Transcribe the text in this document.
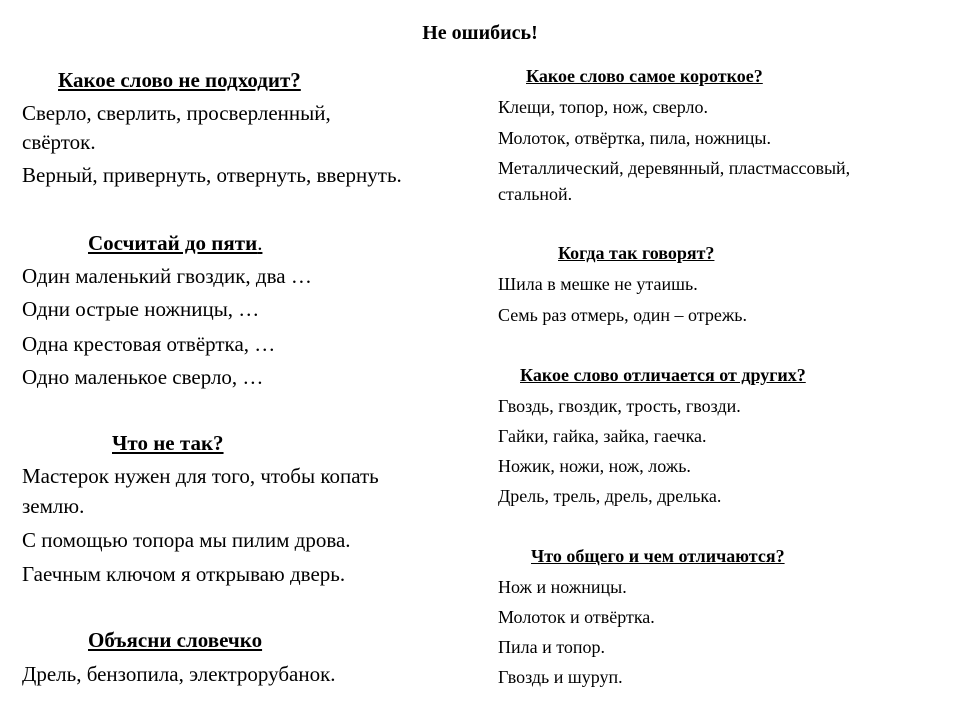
Не ошибись!
Какое слово не подходит?
Сверло, сверлить, просверленный,
свёрток.
Верный, привернуть, отвернуть, ввернуть.
Сосчитай до пяти.
Один маленький гвоздик, два …
Одни острые ножницы, …
Одна крестовая отвёртка, …
Одно маленькое сверло, …
Что не так?
Мастерок нужен для того, чтобы копать
землю.
С помощью топора мы пилим дрова.
Гаечным ключом я открываю дверь.
Объясни словечко
Дрель, бензопила, электрорубанок.
Какое слово самое короткое?
Клещи, топор, нож, сверло.
Молоток, отвёртка, пила, ножницы.
Металлический, деревянный, пластмассовый,
стальной.
Когда так говорят?
Шила в мешке не утаишь.
Семь раз отмерь, один – отрежь.
Какое слово отличается от других?
Гвоздь, гвоздик, трость, гвозди.
Гайки, гайка, зайка, гаечка.
Ножик, ножи, нож, ложь.
Дрель, трель, дрель, дрелька.
Что общего и чем отличаются?
Нож и ножницы.
Молоток и отвёртка.
Пила и топор.
Гвоздь и шуруп.
